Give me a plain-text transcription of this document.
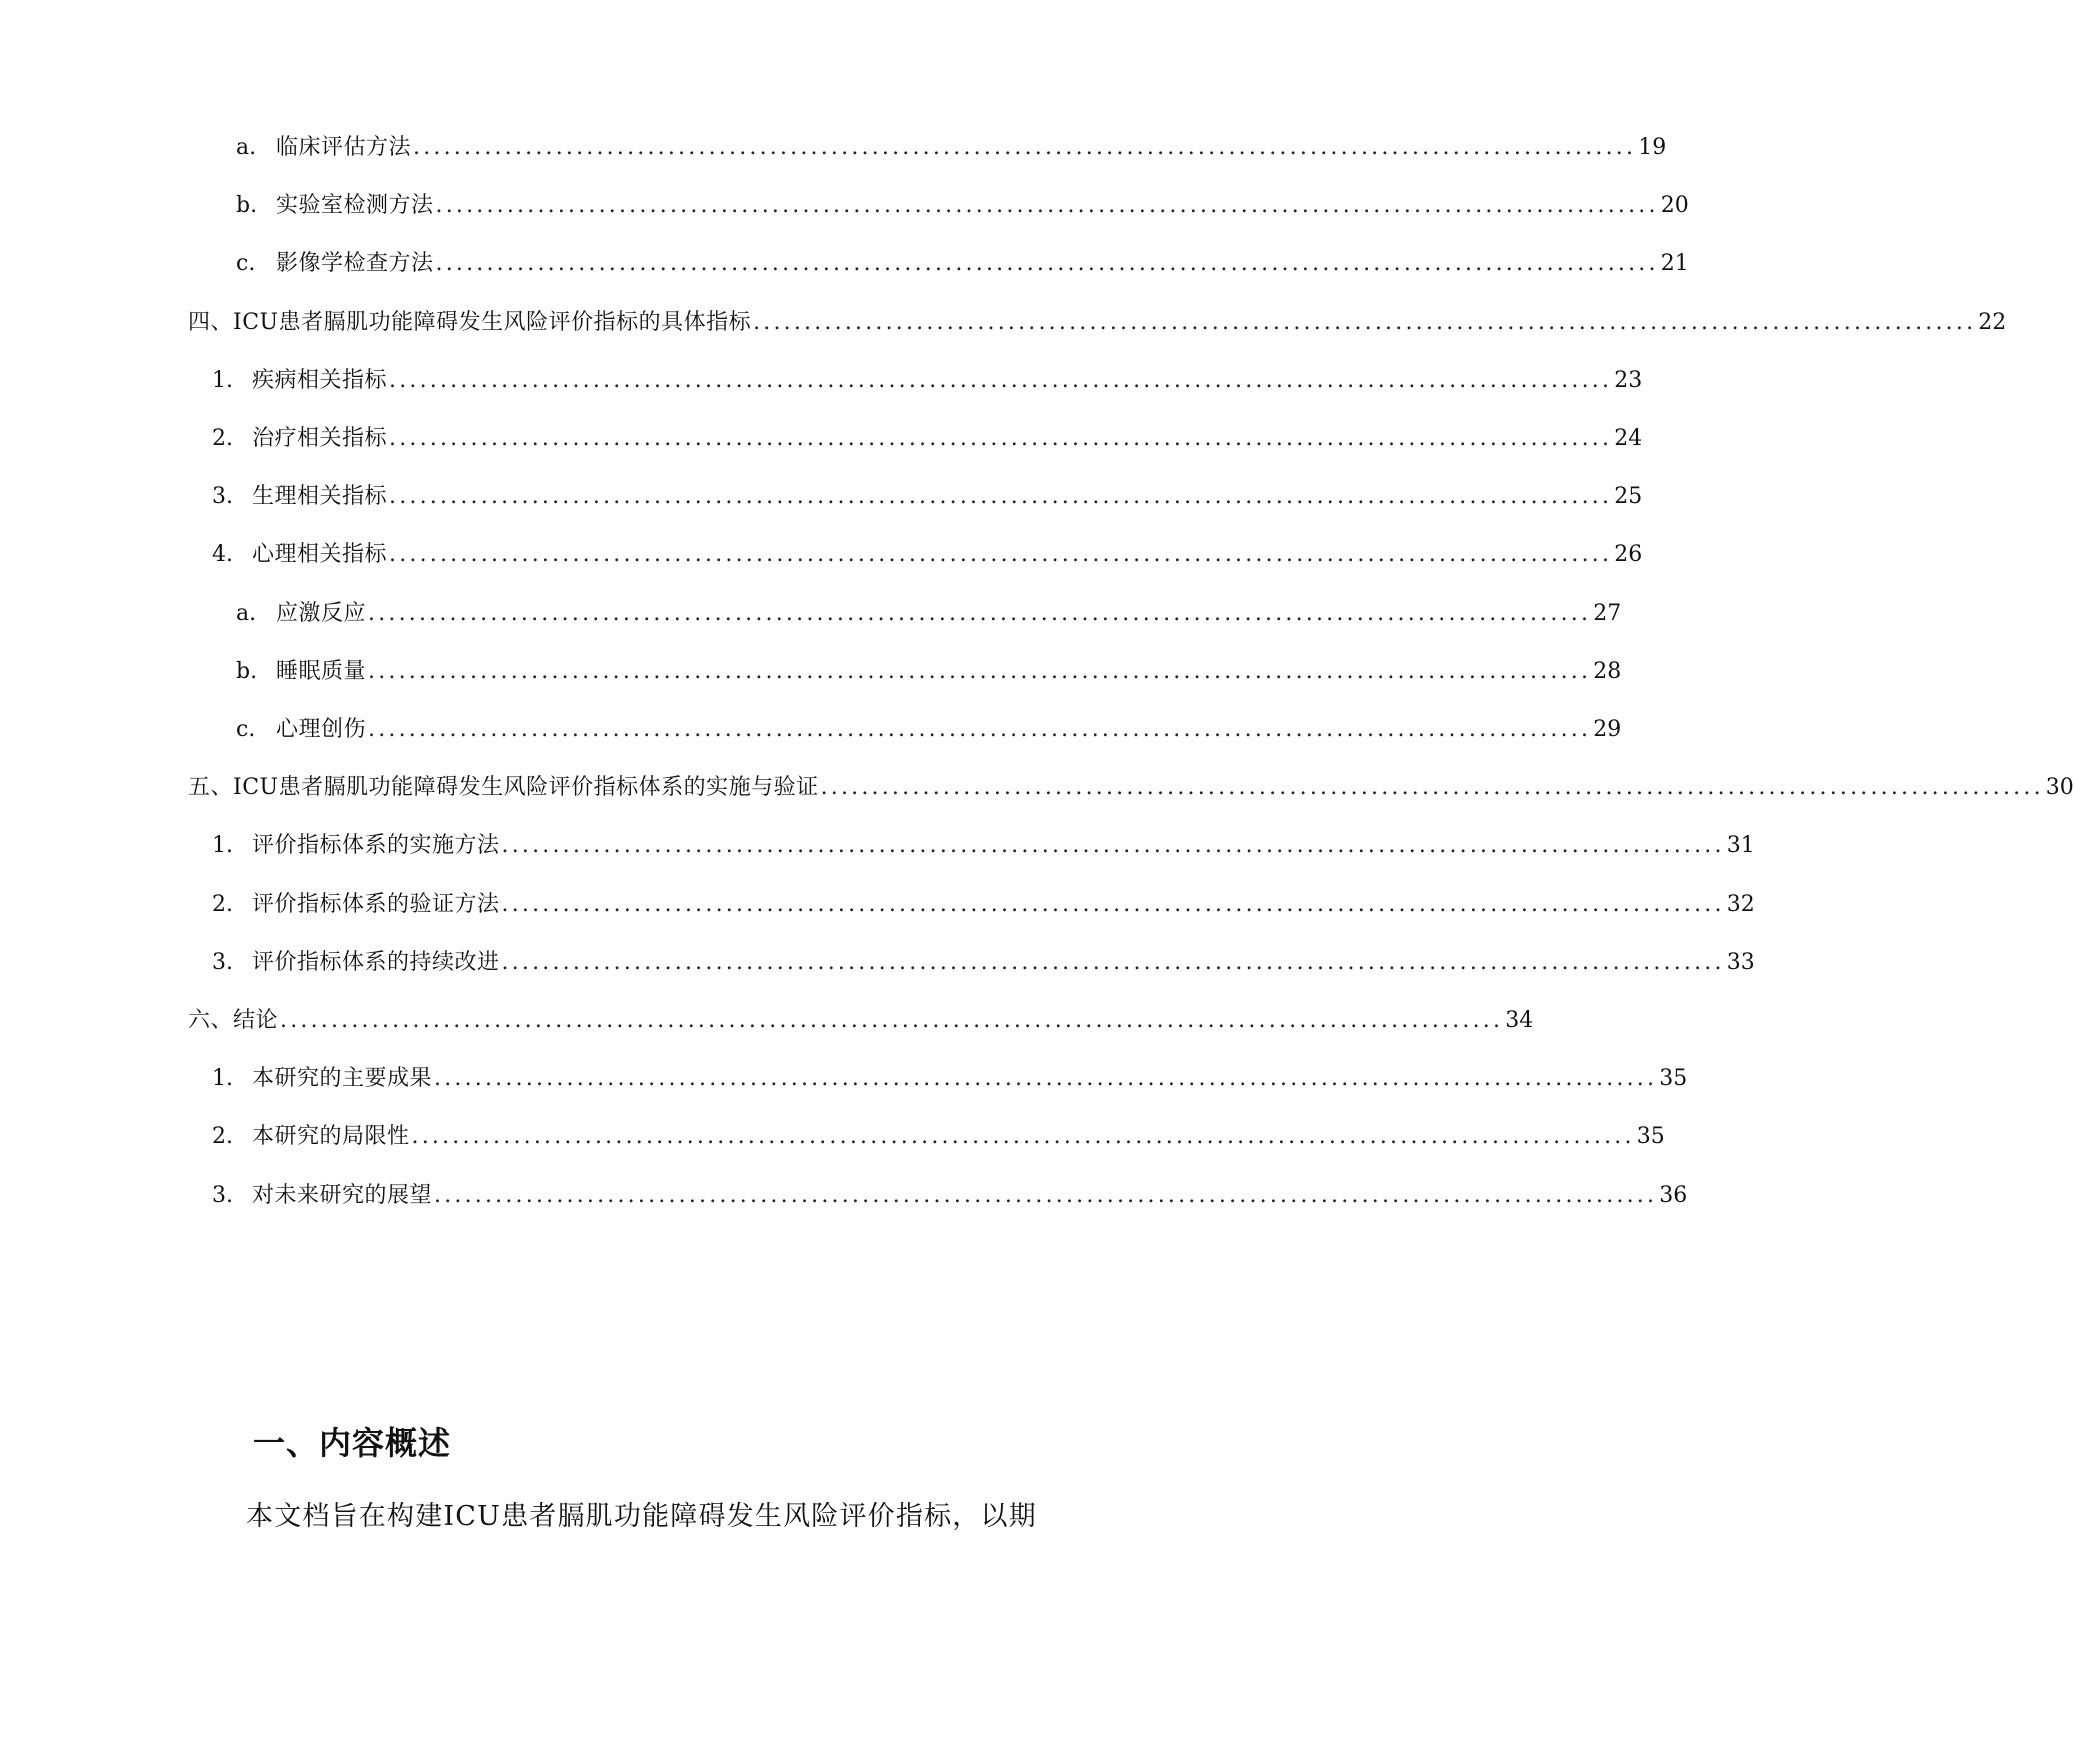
a. 临床评估方法 ........................................................................................................................ 19
b. 实验室检测方法 ........................................................................................................................ 20
c. 影像学检查方法 ........................................................................................................................ 21
四、ICU患者膈肌功能障碍发生风险评价指标的具体指标 ........................................................................................................................ 22
1. 疾病相关指标 ........................................................................................................................ 23
2. 治疗相关指标 ........................................................................................................................ 24
3. 生理相关指标 ........................................................................................................................ 25
4. 心理相关指标 ........................................................................................................................ 26
a. 应激反应 ........................................................................................................................ 27
b. 睡眠质量 ........................................................................................................................ 28
c. 心理创伤 ........................................................................................................................ 29
五、ICU患者膈肌功能障碍发生风险评价指标体系的实施与验证 ........................................................................................................................ 30
1. 评价指标体系的实施方法 ........................................................................................................................ 31
2. 评价指标体系的验证方法 ........................................................................................................................ 32
3. 评价指标体系的持续改进 ........................................................................................................................ 33
六、结论 ........................................................................................................................ 34
1. 本研究的主要成果 ........................................................................................................................ 35
2. 本研究的局限性 ........................................................................................................................ 35
3. 对未来研究的展望 ........................................................................................................................ 36
一、内容概述

本文档旨在构建ICU患者膈肌功能障碍发生风险评价指标，以期
